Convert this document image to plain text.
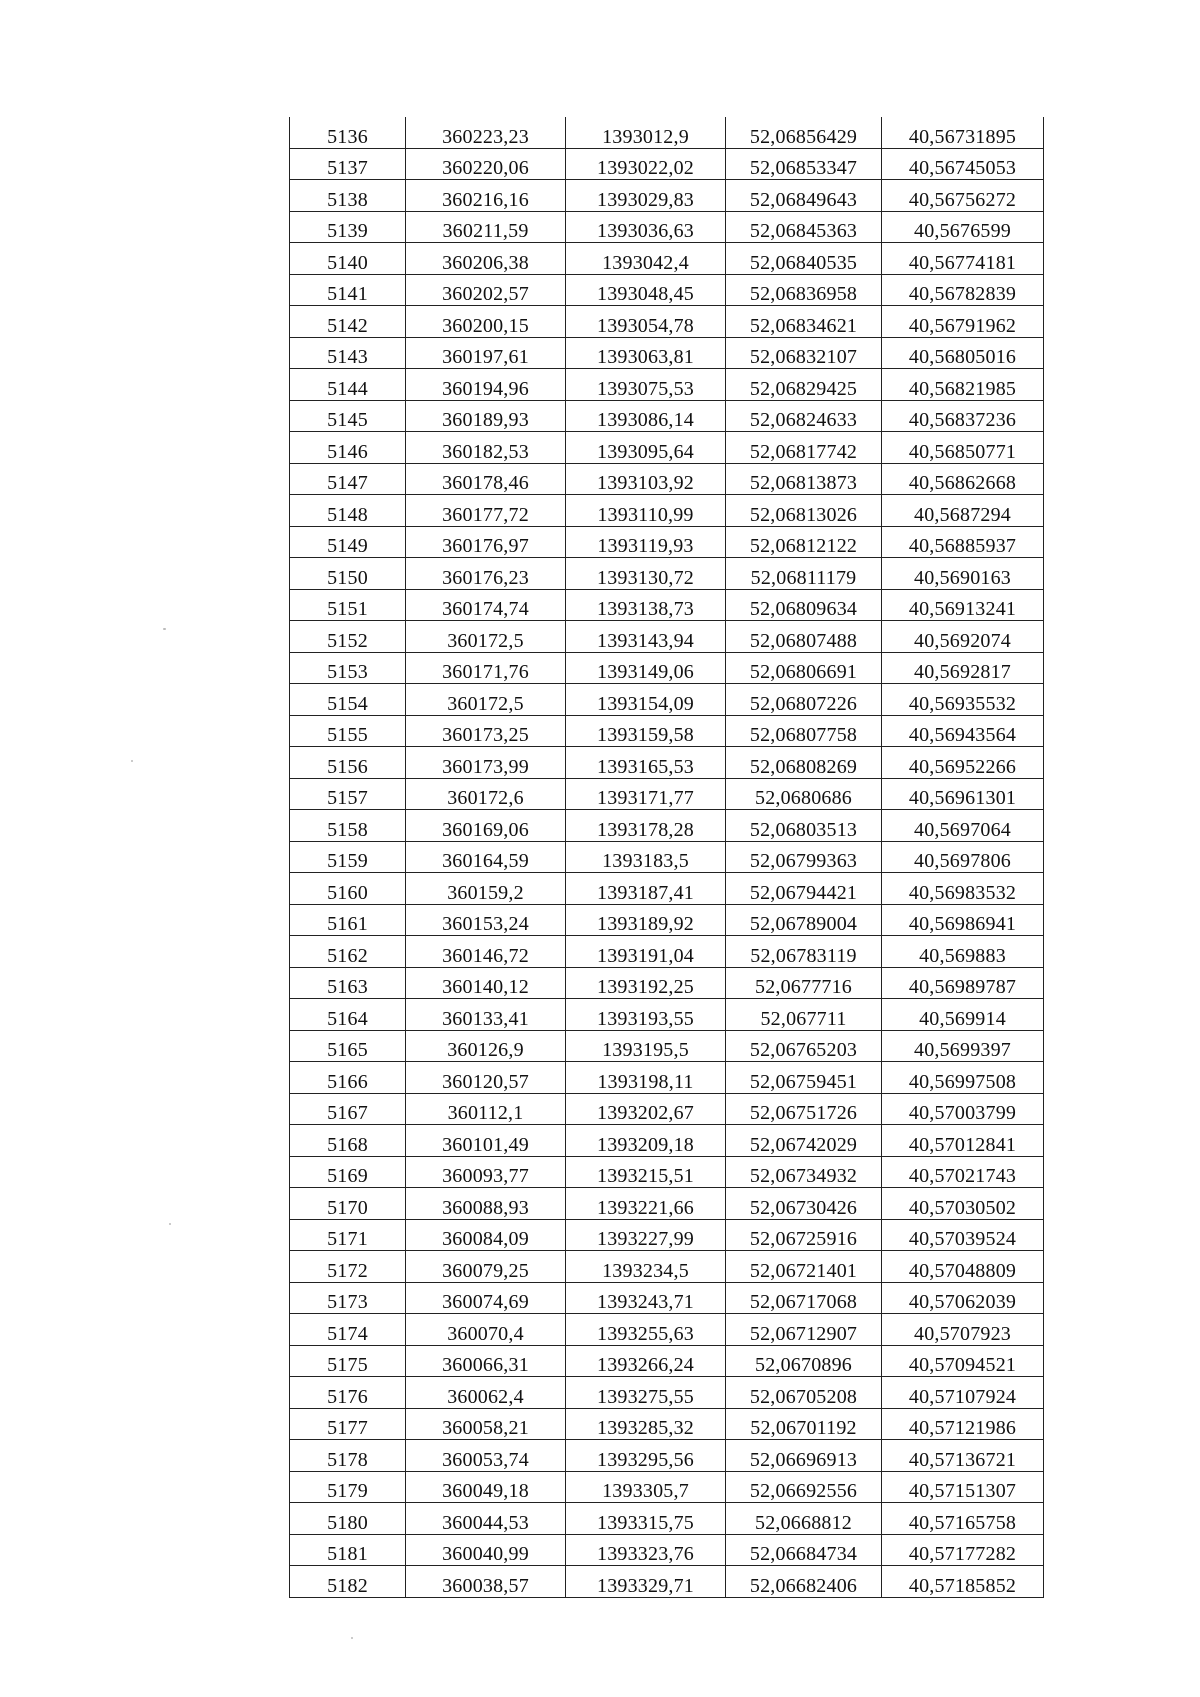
5136	360223,23	1393012,9	52,06856429	40,56731895
5137	360220,06	1393022,02	52,06853347	40,56745053
5138	360216,16	1393029,83	52,06849643	40,56756272
5139	360211,59	1393036,63	52,06845363	40,5676599
5140	360206,38	1393042,4	52,06840535	40,56774181
5141	360202,57	1393048,45	52,06836958	40,56782839
5142	360200,15	1393054,78	52,06834621	40,56791962
5143	360197,61	1393063,81	52,06832107	40,56805016
5144	360194,96	1393075,53	52,06829425	40,56821985
5145	360189,93	1393086,14	52,06824633	40,56837236
5146	360182,53	1393095,64	52,06817742	40,56850771
5147	360178,46	1393103,92	52,06813873	40,56862668
5148	360177,72	1393110,99	52,06813026	40,5687294
5149	360176,97	1393119,93	52,06812122	40,56885937
5150	360176,23	1393130,72	52,06811179	40,5690163
5151	360174,74	1393138,73	52,06809634	40,56913241
5152	360172,5	1393143,94	52,06807488	40,5692074
5153	360171,76	1393149,06	52,06806691	40,5692817
5154	360172,5	1393154,09	52,06807226	40,56935532
5155	360173,25	1393159,58	52,06807758	40,56943564
5156	360173,99	1393165,53	52,06808269	40,56952266
5157	360172,6	1393171,77	52,0680686	40,56961301
5158	360169,06	1393178,28	52,06803513	40,5697064
5159	360164,59	1393183,5	52,06799363	40,5697806
5160	360159,2	1393187,41	52,06794421	40,56983532
5161	360153,24	1393189,92	52,06789004	40,56986941
5162	360146,72	1393191,04	52,06783119	40,569883
5163	360140,12	1393192,25	52,0677716	40,56989787
5164	360133,41	1393193,55	52,067711	40,569914
5165	360126,9	1393195,5	52,06765203	40,5699397
5166	360120,57	1393198,11	52,06759451	40,56997508
5167	360112,1	1393202,67	52,06751726	40,57003799
5168	360101,49	1393209,18	52,06742029	40,57012841
5169	360093,77	1393215,51	52,06734932	40,57021743
5170	360088,93	1393221,66	52,06730426	40,57030502
5171	360084,09	1393227,99	52,06725916	40,57039524
5172	360079,25	1393234,5	52,06721401	40,57048809
5173	360074,69	1393243,71	52,06717068	40,57062039
5174	360070,4	1393255,63	52,06712907	40,5707923
5175	360066,31	1393266,24	52,0670896	40,57094521
5176	360062,4	1393275,55	52,06705208	40,57107924
5177	360058,21	1393285,32	52,06701192	40,57121986
5178	360053,74	1393295,56	52,06696913	40,57136721
5179	360049,18	1393305,7	52,06692556	40,57151307
5180	360044,53	1393315,75	52,0668812	40,57165758
5181	360040,99	1393323,76	52,06684734	40,57177282
5182	360038,57	1393329,71	52,06682406	40,57185852
